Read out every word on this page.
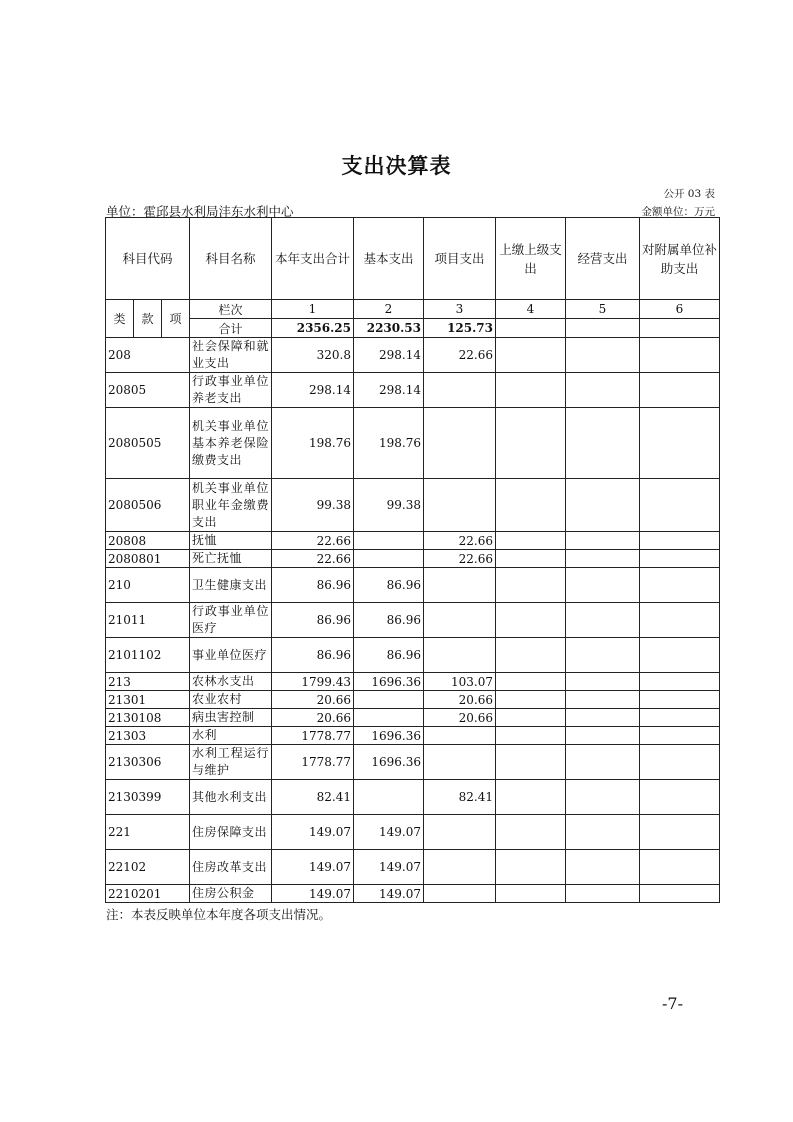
支出决算表
公开 03 表
单位：霍邱县水利局沣东水利中心	金额单位：万元
科目代码			科目名称	本年支出合计	基本支出	项目支出	上缴上级支出	经营支出	对附属单位补助支出
类	款	项	栏次	1	2	3	4	5	6
			合计	2356.25	2230.53	125.73			
208			社会保障和就业支出	320.8	298.14	22.66			
20805			行政事业单位养老支出	298.14	298.14				
2080505			机关事业单位基本养老保险缴费支出	198.76	198.76				
2080506			机关事业单位职业年金缴费支出	99.38	99.38				
20808			抚恤	22.66		22.66			
2080801			死亡抚恤	22.66		22.66			
210			卫生健康支出	86.96	86.96				
21011			行政事业单位医疗	86.96	86.96				
2101102			事业单位医疗	86.96	86.96				
213			农林水支出	1799.43	1696.36	103.07			
21301			农业农村	20.66		20.66			
2130108			病虫害控制	20.66		20.66			
21303			水利	1778.77	1696.36				
2130306			水利工程运行与维护	1778.77	1696.36				
2130399			其他水利支出	82.41		82.41			
221			住房保障支出	149.07	149.07				
22102			住房改革支出	149.07	149.07				
2210201			住房公积金	149.07	149.07				
注：本表反映单位本年度各项支出情况。
-7-
